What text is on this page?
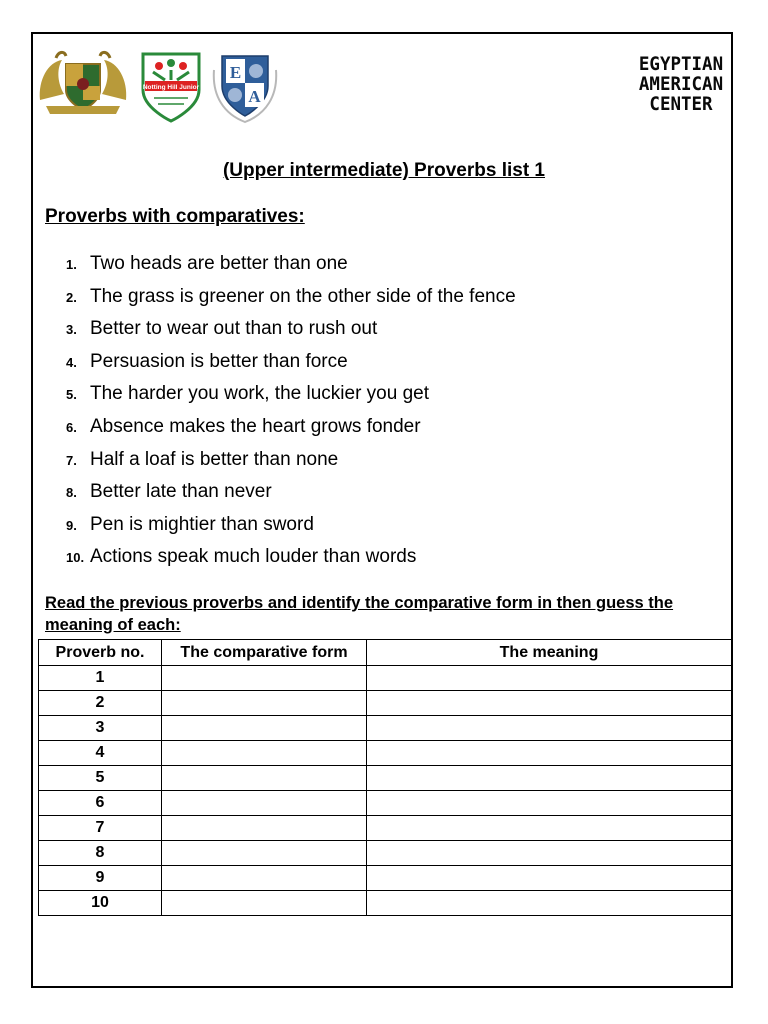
Notting Hill Junior
E
A
EGYPTIAN
AMERICAN
CENTER
(Upper intermediate) Proverbs list 1
Proverbs with comparatives:
1. Two heads are better than one
2. The grass is greener on the other side of the fence
3. Better to wear out than to rush out
4. Persuasion is better than force
5. The harder you work, the luckier you get
6. Absence makes the heart grows fonder
7. Half a loaf is better than none
8. Better late than never
9. Pen is mightier than sword
10. Actions speak much louder than words
Read the previous proverbs and identify the comparative form in then guess the meaning of each:
Proverb no.	The comparative form	The meaning
1		
2		
3		
4		
5		
6		
7		
8		
9		
10		
